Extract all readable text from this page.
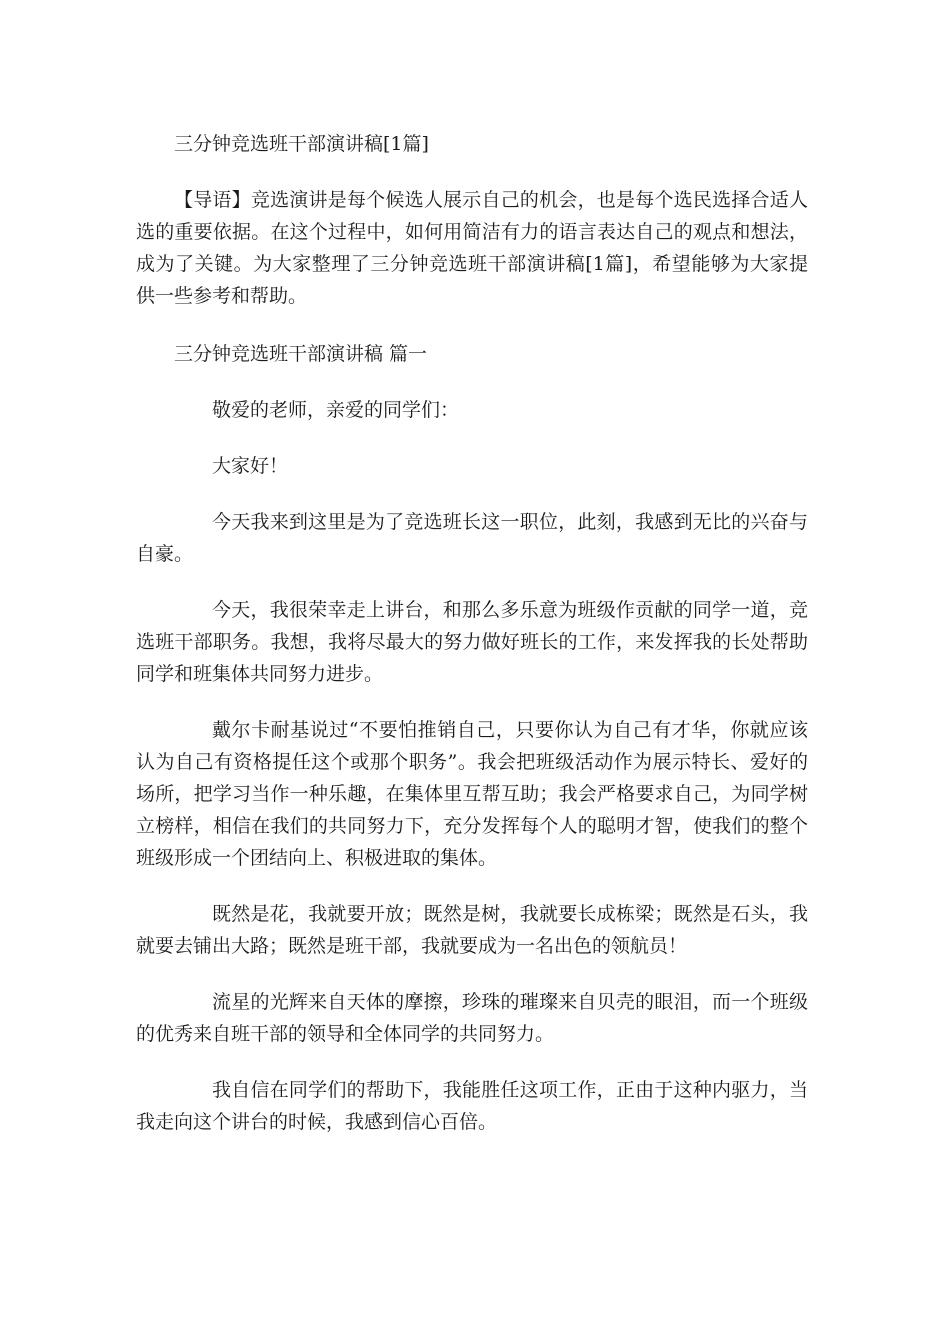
三分钟竞选班干部演讲稿[1篇]

【导语】竞选演讲是每个候选人展示自己的机会，也是每个选民选择合适人选的重要依据。在这个过程中，如何用简洁有力的语言表达自己的观点和想法，成为了关键。为大家整理了三分钟竞选班干部演讲稿[1篇]，希望能够为大家提供一些参考和帮助。

三分钟竞选班干部演讲稿 篇一

敬爱的老师，亲爱的同学们：

大家好！

今天我来到这里是为了竞选班长这一职位，此刻，我感到无比的兴奋与自豪。

今天，我很荣幸走上讲台，和那么多乐意为班级作贡献的同学一道，竞选班干部职务。我想，我将尽最大的努力做好班长的工作，来发挥我的长处帮助同学和班集体共同努力进步。

戴尔卡耐基说过“不要怕推销自己，只要你认为自己有才华，你就应该认为自己有资格提任这个或那个职务”。我会把班级活动作为展示特长、爱好的场所，把学习当作一种乐趣，在集体里互帮互助；我会严格要求自己，为同学树立榜样，相信在我们的共同努力下，充分发挥每个人的聪明才智，使我们的整个班级形成一个团结向上、积极进取的集体。

既然是花，我就要开放；既然是树，我就要长成栋梁；既然是石头，我就要去铺出大路；既然是班干部，我就要成为一名出色的领航员！

流星的光辉来自天体的摩擦，珍珠的璀璨来自贝壳的眼泪，而一个班级的优秀来自班干部的领导和全体同学的共同努力。

我自信在同学们的帮助下，我能胜任这项工作，正由于这种内驱力，当我走向这个讲台的时候，我感到信心百倍。
